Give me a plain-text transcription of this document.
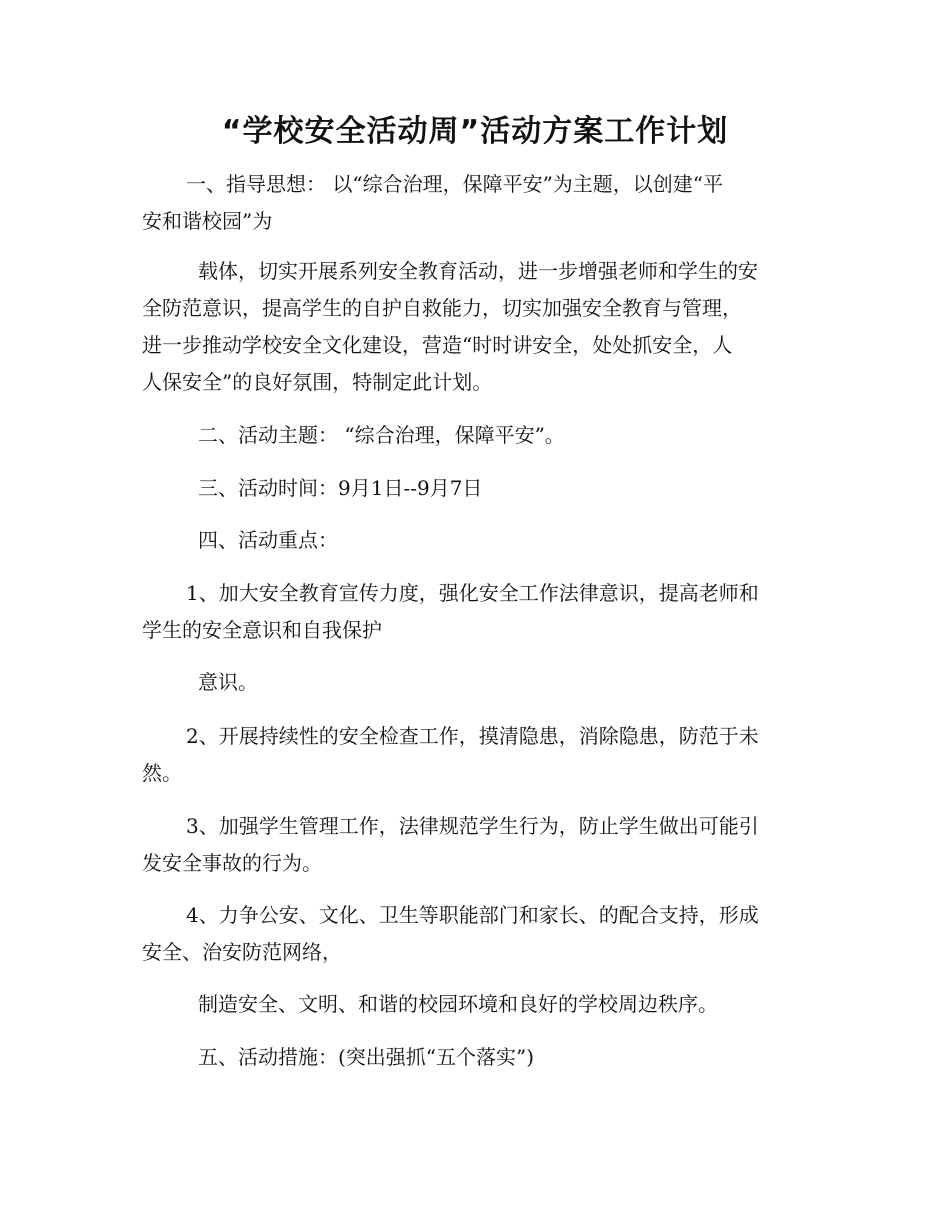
“学校安全活动周”活动方案工作计划
一、指导思想： 以“综合治理，保障平安”为主题，以创建“平
安和谐校园”为
载体，切实开展系列安全教育活动，进一步增强老师和学生的安
全防范意识，提高学生的自护自救能力，切实加强安全教育与管理，
进一步推动学校安全文化建设，营造“时时讲安全，处处抓安全，人
人保安全”的良好氛围，特制定此计划。
二、活动主题： “综合治理，保障平安”。
三、活动时间：9月1日--9月7日
四、活动重点：
1、加大安全教育宣传力度，强化安全工作法律意识，提高老师和
学生的安全意识和自我保护
意识。
2、开展持续性的安全检查工作，摸清隐患，消除隐患，防范于未
然。
3、加强学生管理工作，法律规范学生行为，防止学生做出可能引
发安全事故的行为。
4、力争公安、文化、卫生等职能部门和家长、的配合支持，形成
安全、治安防范网络，
制造安全、文明、和谐的校园环境和良好的学校周边秩序。
五、活动措施：(突出强抓“五个落实”)
